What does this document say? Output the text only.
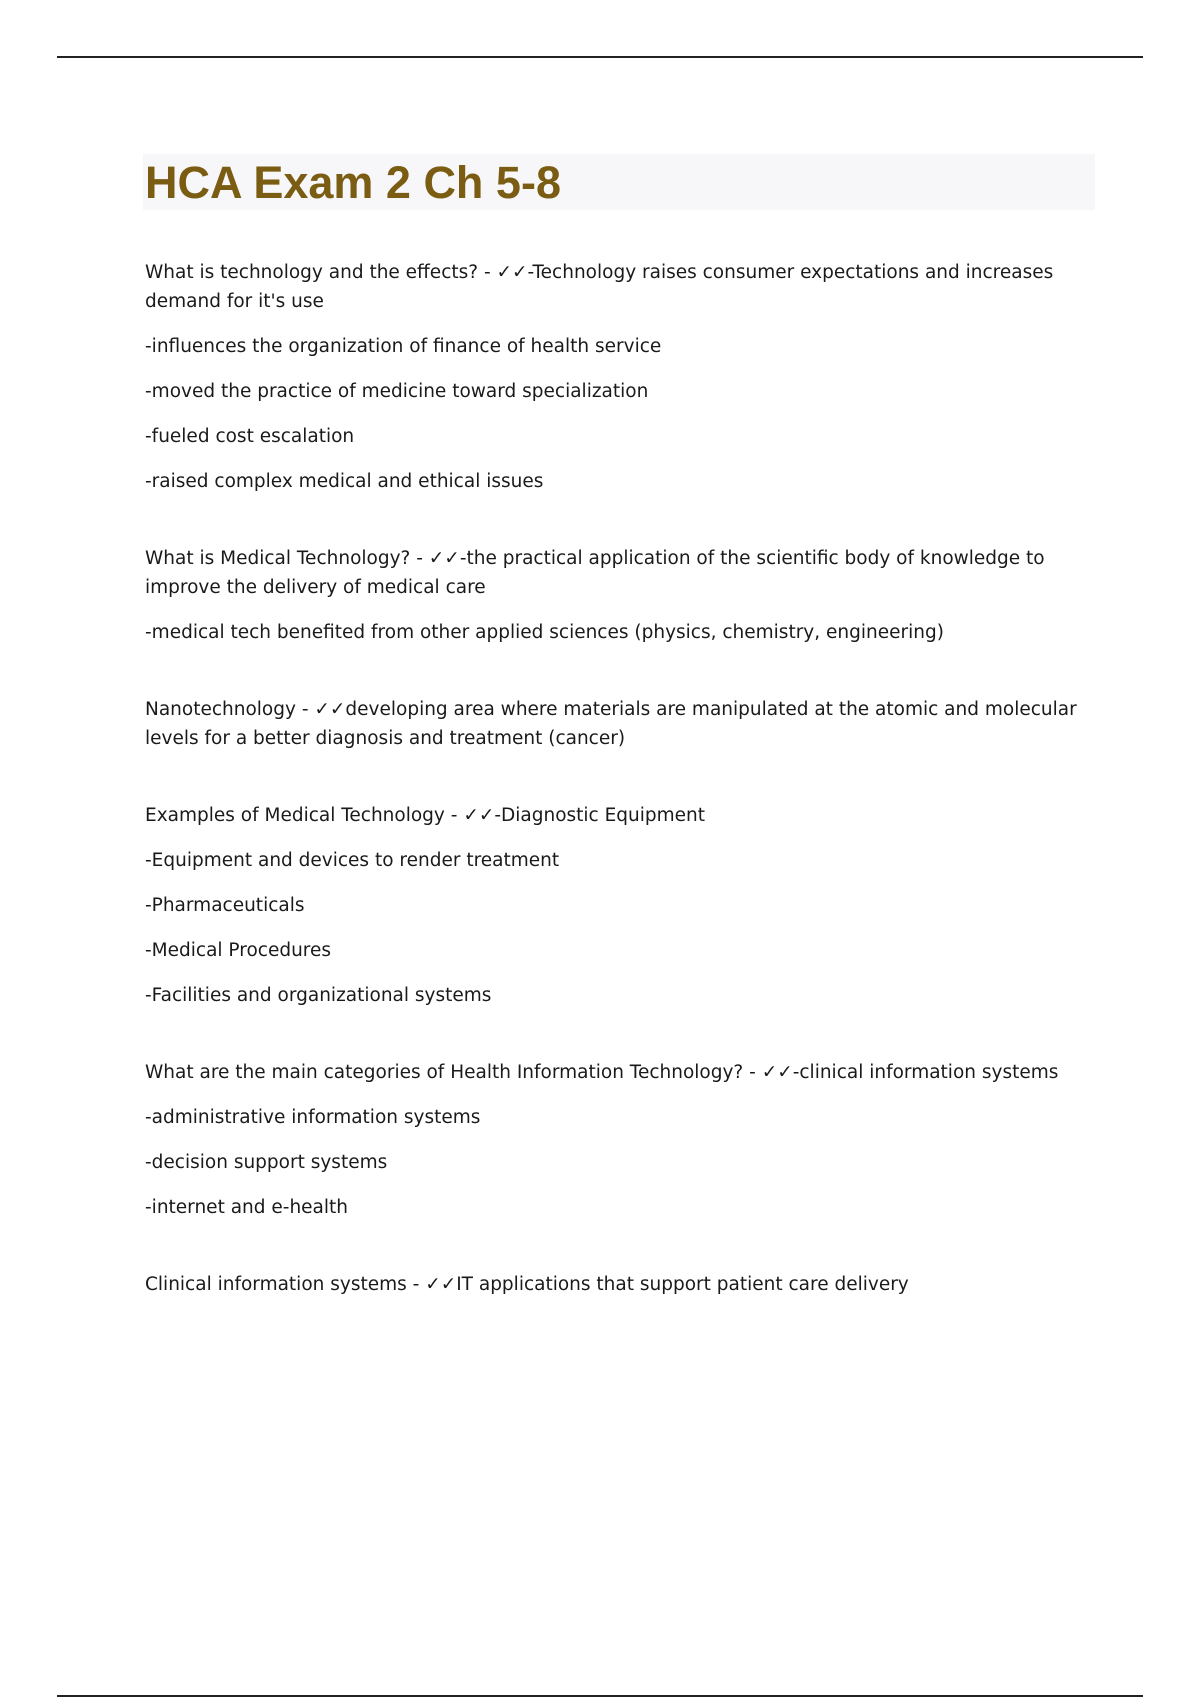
HCA Exam 2 Ch 5-8

What is technology and the effects? - ✓✓-Technology raises consumer expectations and increases demand for it's use

-influences the organization of finance of health service

-moved the practice of medicine toward specialization

-fueled cost escalation

-raised complex medical and ethical issues

What is Medical Technology? - ✓✓-the practical application of the scientific body of knowledge to improve the delivery of medical care

-medical tech benefited from other applied sciences (physics, chemistry, engineering)

Nanotechnology - ✓✓developing area where materials are manipulated at the atomic and molecular levels for a better diagnosis and treatment (cancer)

Examples of Medical Technology - ✓✓-Diagnostic Equipment

-Equipment and devices to render treatment

-Pharmaceuticals

-Medical Procedures

-Facilities and organizational systems

What are the main categories of Health Information Technology? - ✓✓-clinical information systems

-administrative information systems

-decision support systems

-internet and e-health

Clinical information systems - ✓✓IT applications that support patient care delivery
